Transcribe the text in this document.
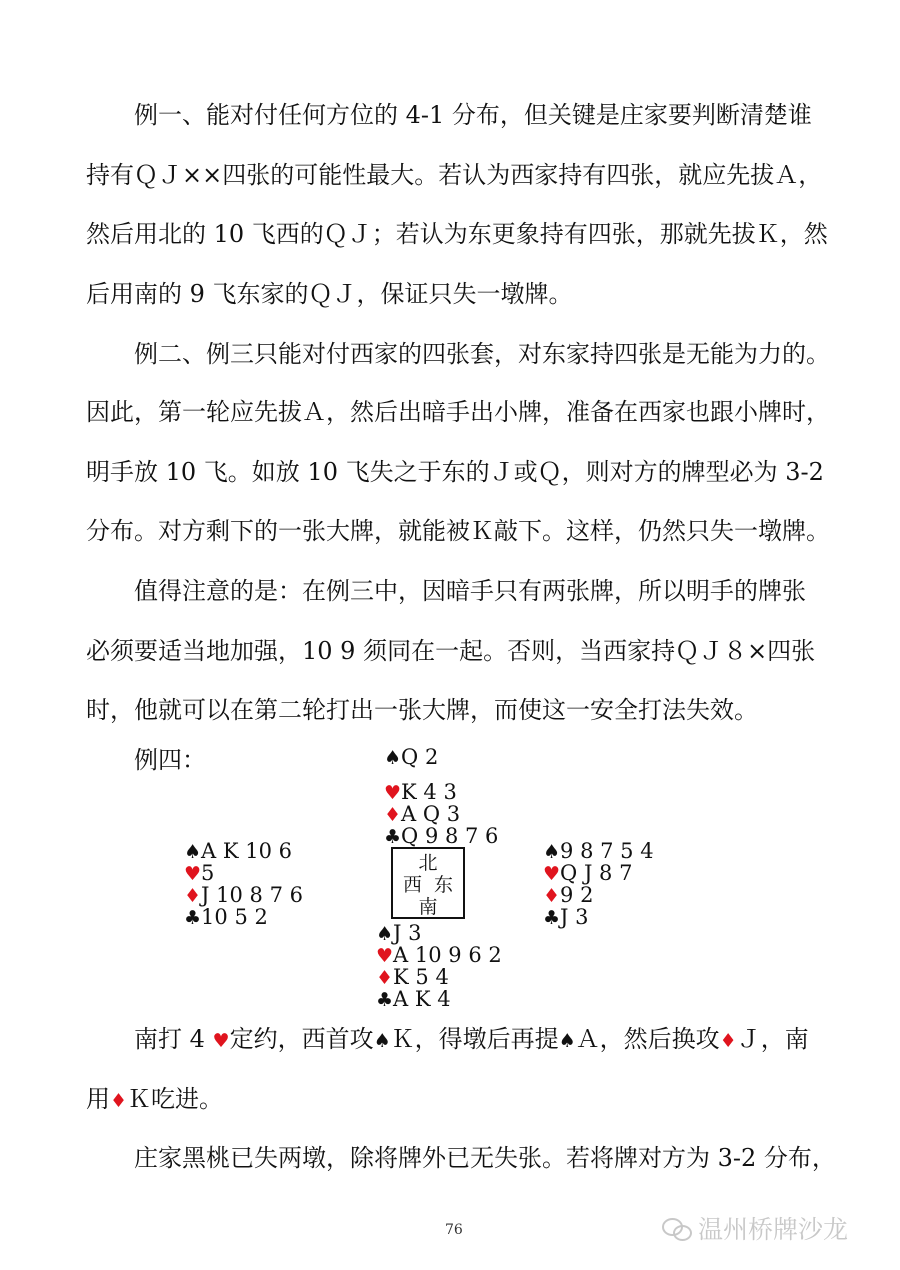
例一、能对付任何方位的 4-1 分布，但关键是庄家要判断清楚谁
持有ＱＪ××四张的可能性最大。若认为西家持有四张，就应先拔Ａ，
然后用北的 10 飞西的ＱＪ；若认为东更象持有四张，那就先拔Ｋ，然
后用南的 9 飞东家的ＱＪ，保证只失一墩牌。
例二、例三只能对付西家的四张套，对东家持四张是无能为力的。
因此，第一轮应先拔Ａ，然后出暗手出小牌，准备在西家也跟小牌时，
明手放 10 飞。如放 10 飞失之于东的Ｊ或Ｑ，则对方的牌型必为 3-2
分布。对方剩下的一张大牌，就能被Ｋ敲下。这样，仍然只失一墩牌。
值得注意的是：在例三中，因暗手只有两张牌，所以明手的牌张
必须要适当地加强，10 9 须同在一起。否则，当西家持ＱＪ８×四张
时，他就可以在第二轮打出一张大牌，而使这一安全打法失效。
例四：	♠Q 2
♥K 4 3
♦A Q 3
♣Q 9 8 7 6
♠A K 10 6
♥5
♦J 10 8 7 6
♣10 5 2
北
西 东
南
♠9 8 7 5 4
♥Q J 8 7
♦9 2
♣J 3
♠J 3
♥A 10 9 6 2
♦K 5 4
♣A K 4
南打 4 ♥定约，西首攻♠Ｋ，得墩后再提♠Ａ，然后换攻♦Ｊ，南
用♦Ｋ吃进。
庄家黑桃已失两墩，除将牌外已无失张。若将牌对方为 3-2 分布，
76	温州桥牌沙龙
